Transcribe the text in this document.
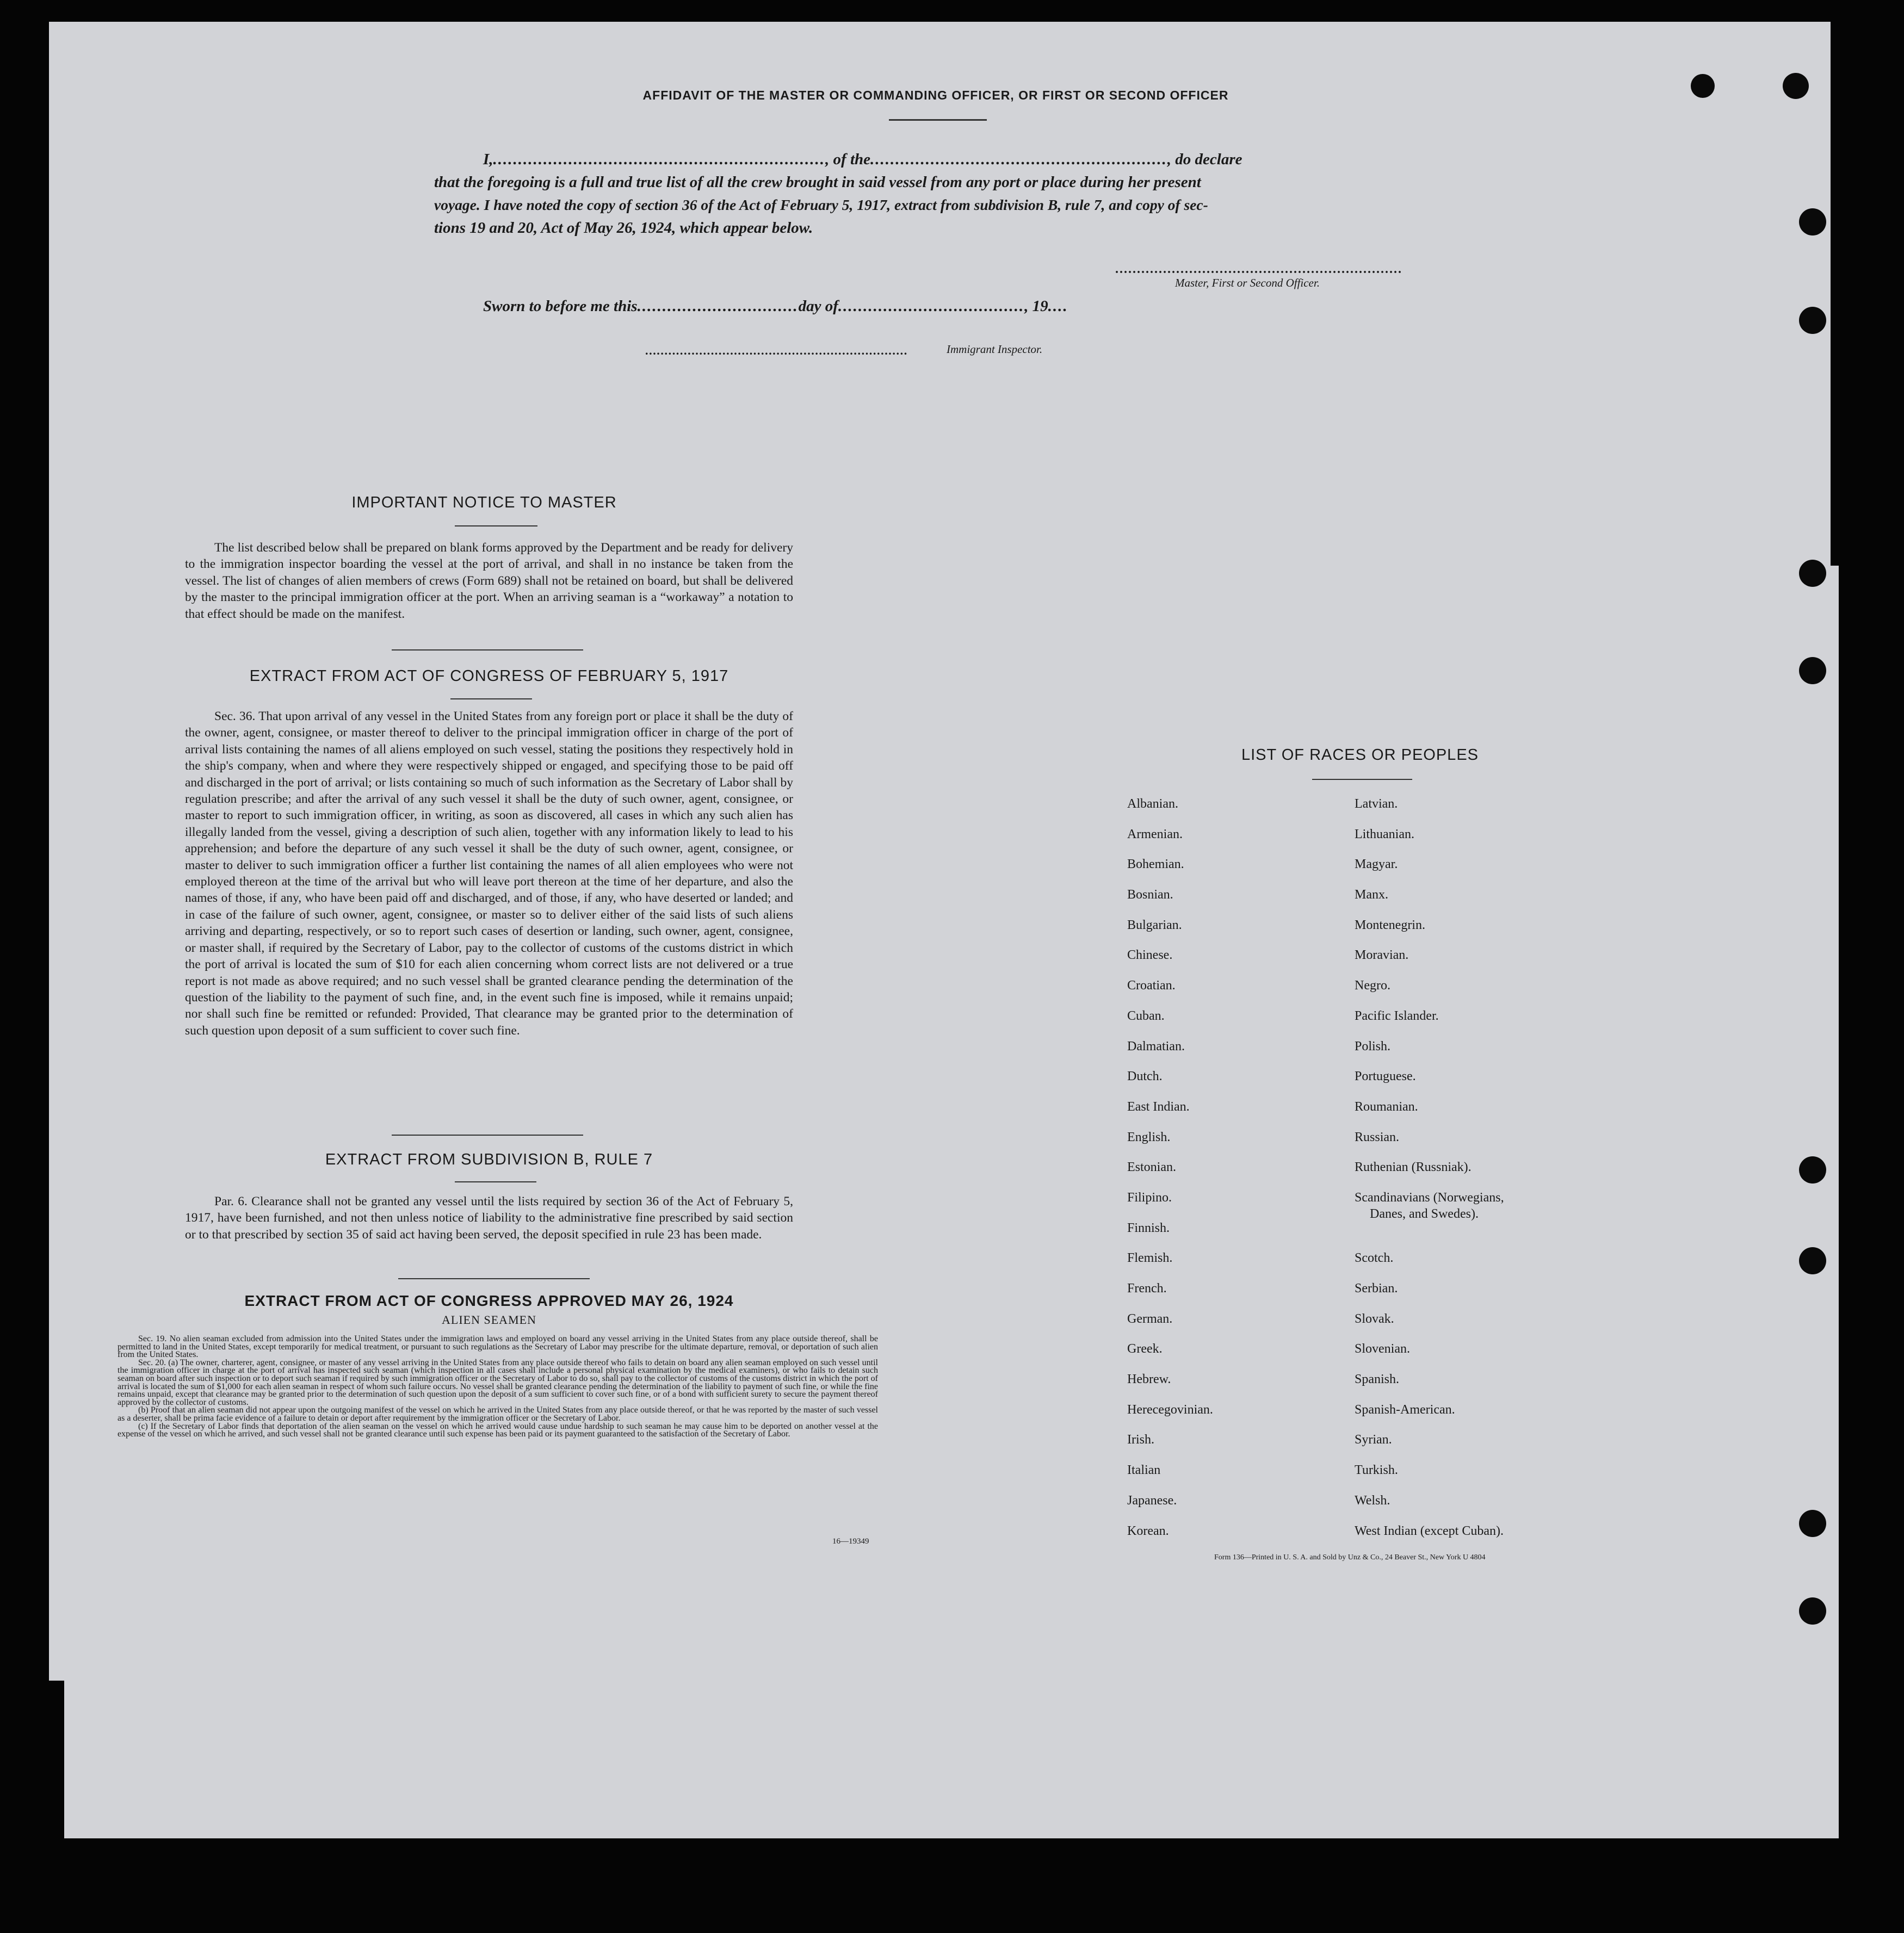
AFFIDAVIT OF THE MASTER OR COMMANDING OFFICER, OR FIRST OR SECOND OFFICER
I,.................................................................., of the..........................................................., do declare
that the foregoing is a full and true list of all the crew brought in said vessel from any port or place during her present
voyage. I have noted the copy of section 36 of the Act of February 5, 1917, extract from subdivision B, rule 7, and copy of sec-
tions 19 and 20, Act of May 26, 1924, which appear below.
..................................................................
Master, First or Second Officer.
Sworn to before me this................................day of....................................., 19....
....................................................................	Immigrant Inspector.
IMPORTANT NOTICE TO MASTER
The list described below shall be prepared on blank forms approved by the Department and be ready for delivery to the immigration inspector boarding the vessel at the port of arrival, and shall in no instance be taken from the vessel. The list of changes of alien members of crews (Form 689) shall not be retained on board, but shall be delivered by the master to the principal immigration officer at the port. When an arriving seaman is a “workaway” a notation to that effect should be made on the manifest.
EXTRACT FROM ACT OF CONGRESS OF FEBRUARY 5, 1917
Sec. 36. That upon arrival of any vessel in the United States from any foreign port or place it shall be the duty of the owner, agent, consignee, or master thereof to deliver to the principal immigration officer in charge of the port of arrival lists containing the names of all aliens employed on such vessel, stating the positions they respectively hold in the ship's company, when and where they were respectively shipped or engaged, and specifying those to be paid off and discharged in the port of arrival; or lists containing so much of such information as the Secretary of Labor shall by regulation prescribe; and after the arrival of any such vessel it shall be the duty of such owner, agent, consignee, or master to report to such immigration officer, in writing, as soon as discovered, all cases in which any such alien has illegally landed from the vessel, giving a description of such alien, together with any information likely to lead to his apprehension; and before the departure of any such vessel it shall be the duty of such owner, agent, consignee, or master to deliver to such immigration officer a further list containing the names of all alien employees who were not employed thereon at the time of the arrival but who will leave port thereon at the time of her departure, and also the names of those, if any, who have been paid off and discharged, and of those, if any, who have deserted or landed; and in case of the failure of such owner, agent, consignee, or master so to deliver either of the said lists of such aliens arriving and departing, respectively, or so to report such cases of desertion or landing, such owner, agent, consignee, or master shall, if required by the Secretary of Labor, pay to the collector of customs of the customs district in which the port of arrival is located the sum of $10 for each alien concerning whom correct lists are not delivered or a true report is not made as above required; and no such vessel shall be granted clearance pending the determination of the question of the liability to the payment of such fine, and, in the event such fine is imposed, while it remains unpaid; nor shall such fine be remitted or refunded: Provided, That clearance may be granted prior to the determination of such question upon deposit of a sum sufficient to cover such fine.
EXTRACT FROM SUBDIVISION B, RULE 7
Par. 6. Clearance shall not be granted any vessel until the lists required by section 36 of the Act of February 5, 1917, have been furnished, and not then unless notice of liability to the administrative fine prescribed by said section or to that prescribed by section 35 of said act having been served, the deposit specified in rule 23 has been made.
EXTRACT FROM ACT OF CONGRESS APPROVED MAY 26, 1924
ALIEN SEAMEN
Sec. 19. No alien seaman excluded from admission into the United States under the immigration laws and employed on board any vessel arriving in the United States from any place outside thereof, shall be permitted to land in the United States, except temporarily for medical treatment, or pursuant to such regulations as the Secretary of Labor may prescribe for the ultimate departure, removal, or deportation of such alien from the United States.
Sec. 20. (a) The owner, charterer, agent, consignee, or master of any vessel arriving in the United States from any place outside thereof who fails to detain on board any alien seaman employed on such vessel until the immigration officer in charge at the port of arrival has inspected such seaman (which inspection in all cases shall include a personal physical examination by the medical examiners), or who fails to detain such seaman on board after such inspection or to deport such seaman if required by such immigration officer or the Secretary of Labor to do so, shall pay to the collector of customs of the customs district in which the port of arrival is located the sum of $1,000 for each alien seaman in respect of whom such failure occurs. No vessel shall be granted clearance pending the determination of the liability to payment of such fine, or while the fine remains unpaid, except that clearance may be granted prior to the determination of such question upon the deposit of a sum sufficient to cover such fine, or of a bond with sufficient surety to secure the payment thereof approved by the collector of customs.
(b) Proof that an alien seaman did not appear upon the outgoing manifest of the vessel on which he arrived in the United States from any place outside thereof, or that he was reported by the master of such vessel as a deserter, shall be prima facie evidence of a failure to detain or deport after requirement by the immigration officer or the Secretary of Labor.
(c) If the Secretary of Labor finds that deportation of the alien seaman on the vessel on which he arrived would cause undue hardship to such seaman he may cause him to be deported on another vessel at the expense of the vessel on which he arrived, and such vessel shall not be granted clearance until such expense has been paid or its payment guaranteed to the satisfaction of the Secretary of Labor.
16—19349
LIST OF RACES OR PEOPLES
Albanian.
Armenian.
Bohemian.
Bosnian.
Bulgarian.
Chinese.
Croatian.
Cuban.
Dalmatian.
Dutch.
East Indian.
English.
Estonian.
Filipino.
Finnish.
Flemish.
French.
German.
Greek.
Hebrew.
Herecegovinian.
Irish.
Italian
Japanese.
Korean.
Latvian.
Lithuanian.
Magyar.
Manx.
Montenegrin.
Moravian.
Negro.
Pacific Islander.
Polish.
Portuguese.
Roumanian.
Russian.
Ruthenian (Russniak).
Scandinavians (Norwegians,
Danes, and Swedes).
Scotch.
Serbian.
Slovak.
Slovenian.
Spanish.
Spanish-American.
Syrian.
Turkish.
Welsh.
West Indian (except Cuban).
Form 136—Printed in U. S. A. and Sold by Unz & Co., 24 Beaver St., New York U 4804
